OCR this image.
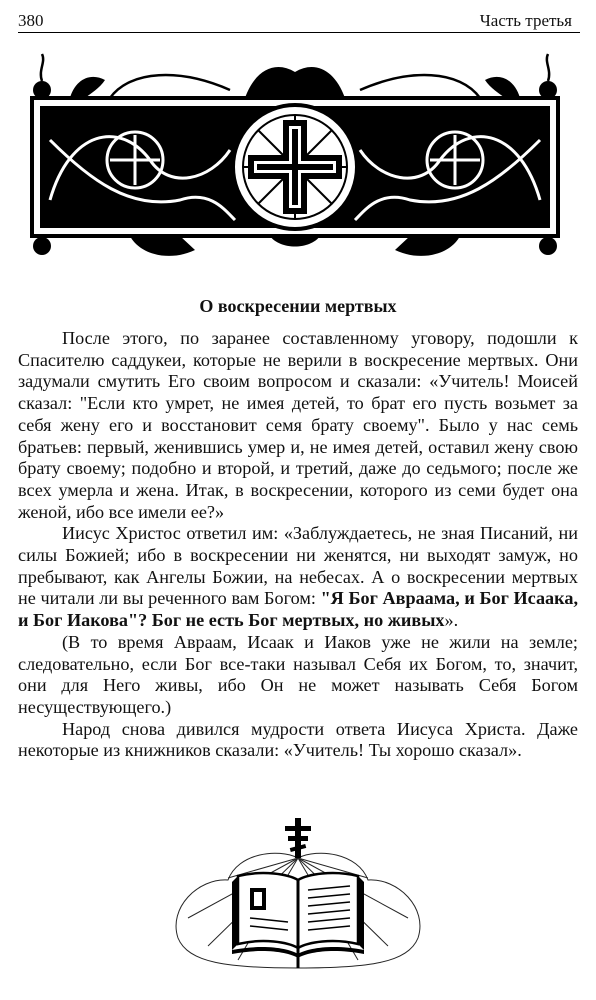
380	Часть третья
О воскресении мертвых

После этого, по заранее составленному уговору, подошли к Спасителю саддукеи, которые не верили в воскресение мертвых. Они задумали смутить Его своим вопросом и сказали: «Учитель! Моисей сказал: "Если кто умрет, не имея детей, то брат его пусть возьмет за себя жену его и восстановит семя брату своему". Было у нас семь братьев: первый, женившись умер и, не имея детей, оставил жену свою брату своему; подобно и второй, и третий, даже до седьмого; после же всех умерла и жена. Итак, в воскресении, которого из семи будет она женой, ибо все имели ее?»

Иисус Христос ответил им: «Заблуждаетесь, не зная Писаний, ни силы Божией; ибо в воскресении ни женятся, ни выходят замуж, но пребывают, как Ангелы Божии, на небесах. А о воскресении мертвых не читали ли вы реченного вам Богом: "Я Бог Авраама, и Бог Исаака, и Бог Иакова"? Бог не есть Бог мертвых, но живых».

(В то время Авраам, Исаак и Иаков уже не жили на земле; следовательно, если Бог все-таки называл Себя их Богом, то, значит, они для Него живы, ибо Он не может называть Себя Богом несуществующего.)

Народ снова дивился мудрости ответа Иисуса Христа. Даже некоторые из книжников сказали: «Учитель! Ты хорошо сказал».
